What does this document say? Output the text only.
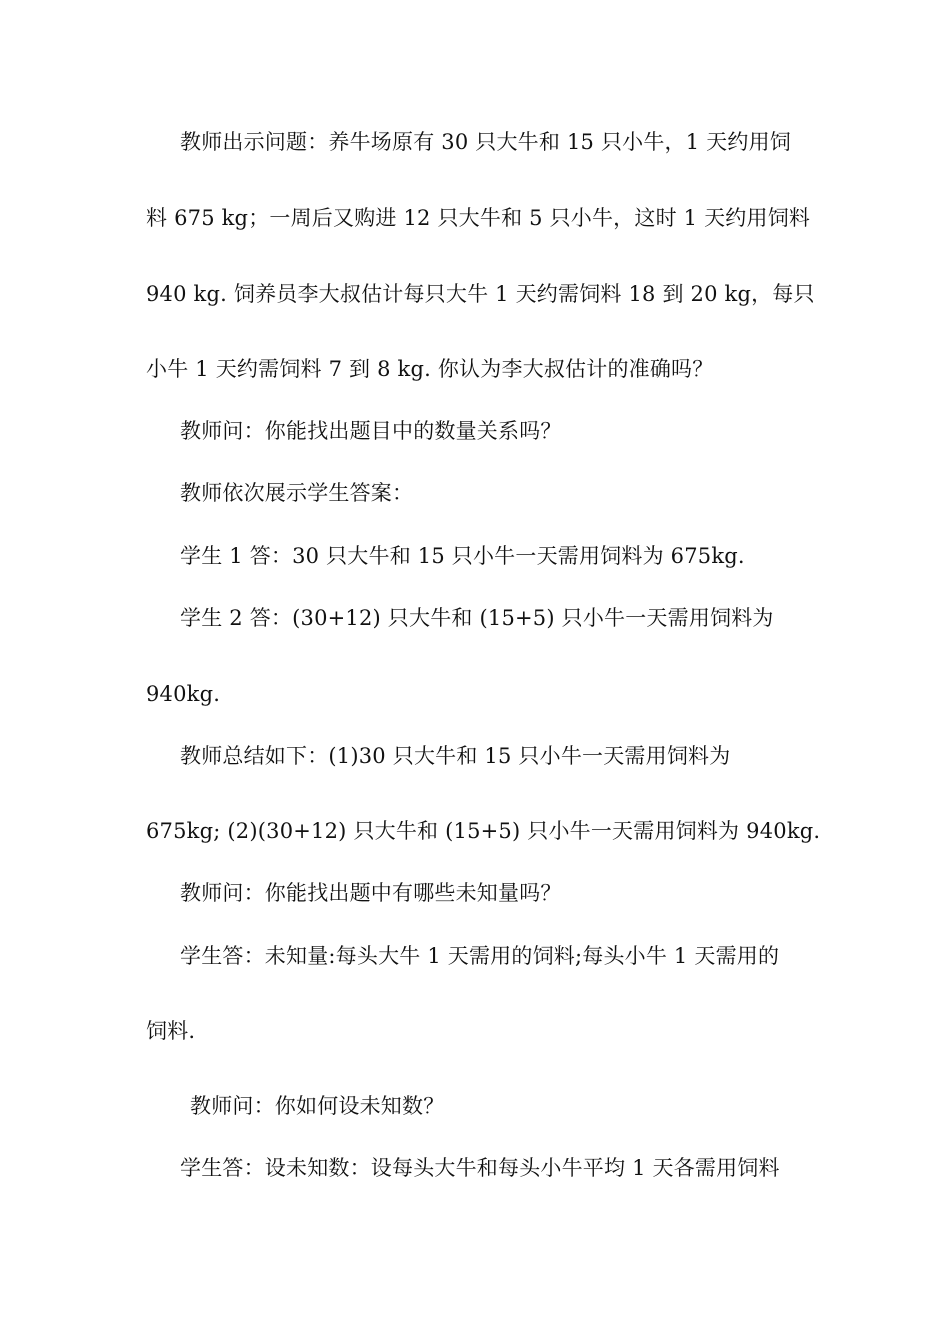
教师出示问题：养牛场原有 30 只大牛和 15 只小牛，1 天约用饲
料 675 kg；一周后又购进 12 只大牛和 5 只小牛，这时 1 天约用饲料
940 kg. 饲养员李大叔估计每只大牛 1 天约需饲料 18 到 20 kg，每只
小牛 1 天约需饲料 7 到 8 kg. 你认为李大叔估计的准确吗？
教师问：你能找出题目中的数量关系吗？
教师依次展示学生答案：
学生 1 答：30 只大牛和 15 只小牛一天需用饲料为 675kg.
学生 2 答：(30+12) 只大牛和 (15+5) 只小牛一天需用饲料为
940kg.
教师总结如下：(1)30 只大牛和 15 只小牛一天需用饲料为
675kg; (2)(30+12) 只大牛和 (15+5) 只小牛一天需用饲料为 940kg.
教师问：你能找出题中有哪些未知量吗？
学生答：未知量:每头大牛 1 天需用的饲料;每头小牛 1 天需用的
饲料.
教师问：你如何设未知数？
学生答：设未知数：设每头大牛和每头小牛平均 1 天各需用饲料
